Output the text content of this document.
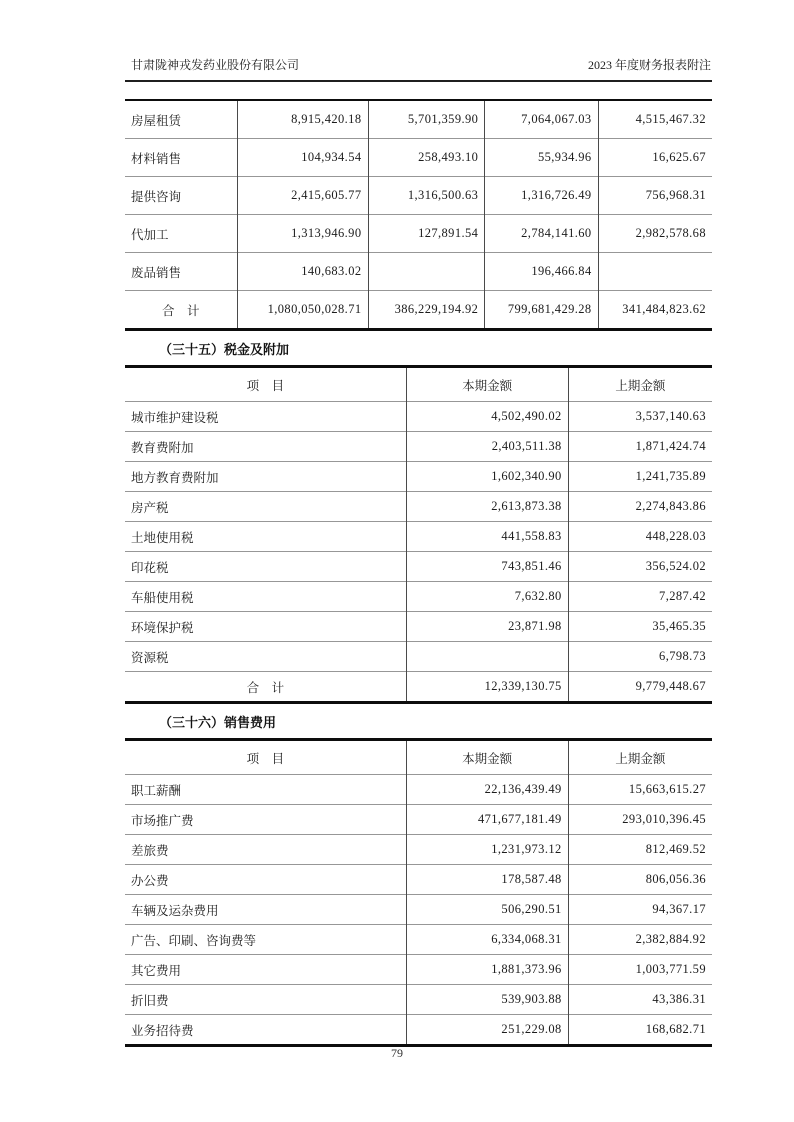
甘肃陇神戎发药业股份有限公司	2023 年度财务报表附注
房屋租赁	8,915,420.18	5,701,359.90	7,064,067.03	4,515,467.32
材料销售	104,934.54	258,493.10	55,934.96	16,625.67
提供咨询	2,415,605.77	1,316,500.63	1,316,726.49	756,968.31
代加工	1,313,946.90	127,891.54	2,784,141.60	2,982,578.68
废品销售	140,683.02		196,466.84	
合　计	1,080,050,028.71	386,229,194.92	799,681,429.28	341,484,823.62
（三十五）税金及附加
项　目	本期金额	上期金额
城市维护建设税	4,502,490.02	3,537,140.63
教育费附加	2,403,511.38	1,871,424.74
地方教育费附加	1,602,340.90	1,241,735.89
房产税	2,613,873.38	2,274,843.86
土地使用税	441,558.83	448,228.03
印花税	743,851.46	356,524.02
车船使用税	7,632.80	7,287.42
环境保护税	23,871.98	35,465.35
资源税		6,798.73
合　计	12,339,130.75	9,779,448.67
（三十六）销售费用
项　目	本期金额	上期金额
职工薪酬	22,136,439.49	15,663,615.27
市场推广费	471,677,181.49	293,010,396.45
差旅费	1,231,973.12	812,469.52
办公费	178,587.48	806,056.36
车辆及运杂费用	506,290.51	94,367.17
广告、印刷、咨询费等	6,334,068.31	2,382,884.92
其它费用	1,881,373.96	1,003,771.59
折旧费	539,903.88	43,386.31
业务招待费	251,229.08	168,682.71
79
